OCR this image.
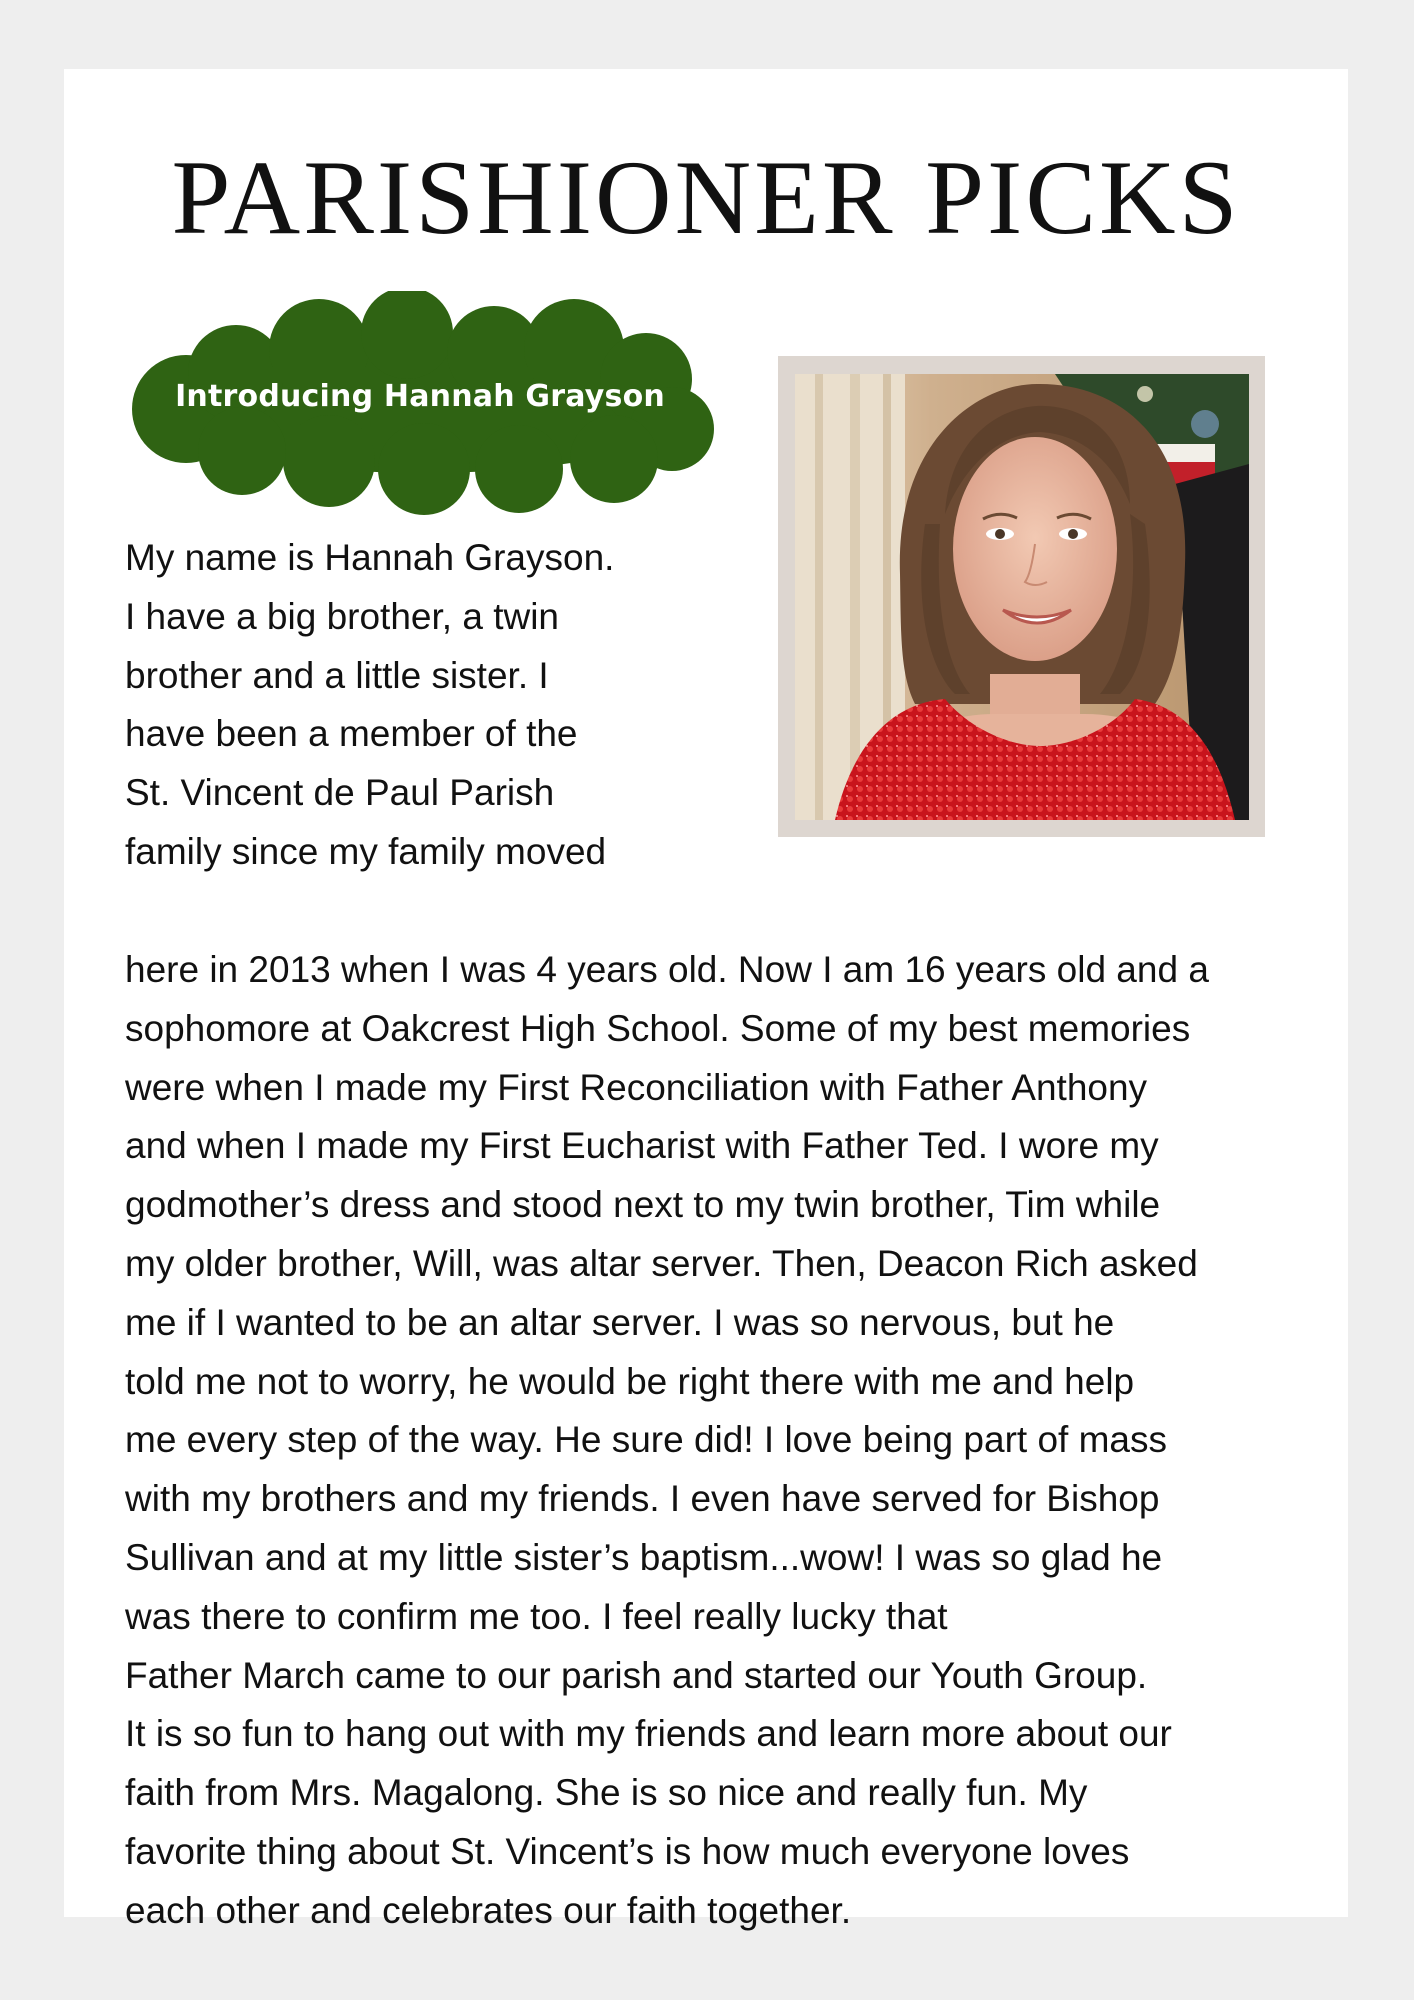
PARISHIONER PICKS
Introducing Hannah Grayson
My name is Hannah Grayson.
I have a big brother, a twin
brother and a little sister. I
have been a member of the
St. Vincent de Paul Parish
family since my family moved
here in 2013 when I was 4 years old. Now I am 16 years old and a
sophomore at Oakcrest High School. Some of my best memories
were when I made my First Reconciliation with Father Anthony
and when I made my First Eucharist with Father Ted. I wore my
godmother’s dress and stood next to my twin brother, Tim while
my older brother, Will, was altar server. Then, Deacon Rich asked
me if I wanted to be an altar server. I was so nervous, but he
told me not to worry, he would be right there with me and help
me every step of the way. He sure did! I love being part of mass
with my brothers and my friends. I even have served for Bishop
Sullivan and at my little sister’s baptism...wow! I was so glad he
was there to confirm me too. I feel really lucky that
Father March came to our parish and started our Youth Group.
It is so fun to hang out with my friends and learn more about our
faith from Mrs. Magalong. She is so nice and really fun. My
favorite thing about St. Vincent’s is how much everyone loves
each other and celebrates our faith together.
